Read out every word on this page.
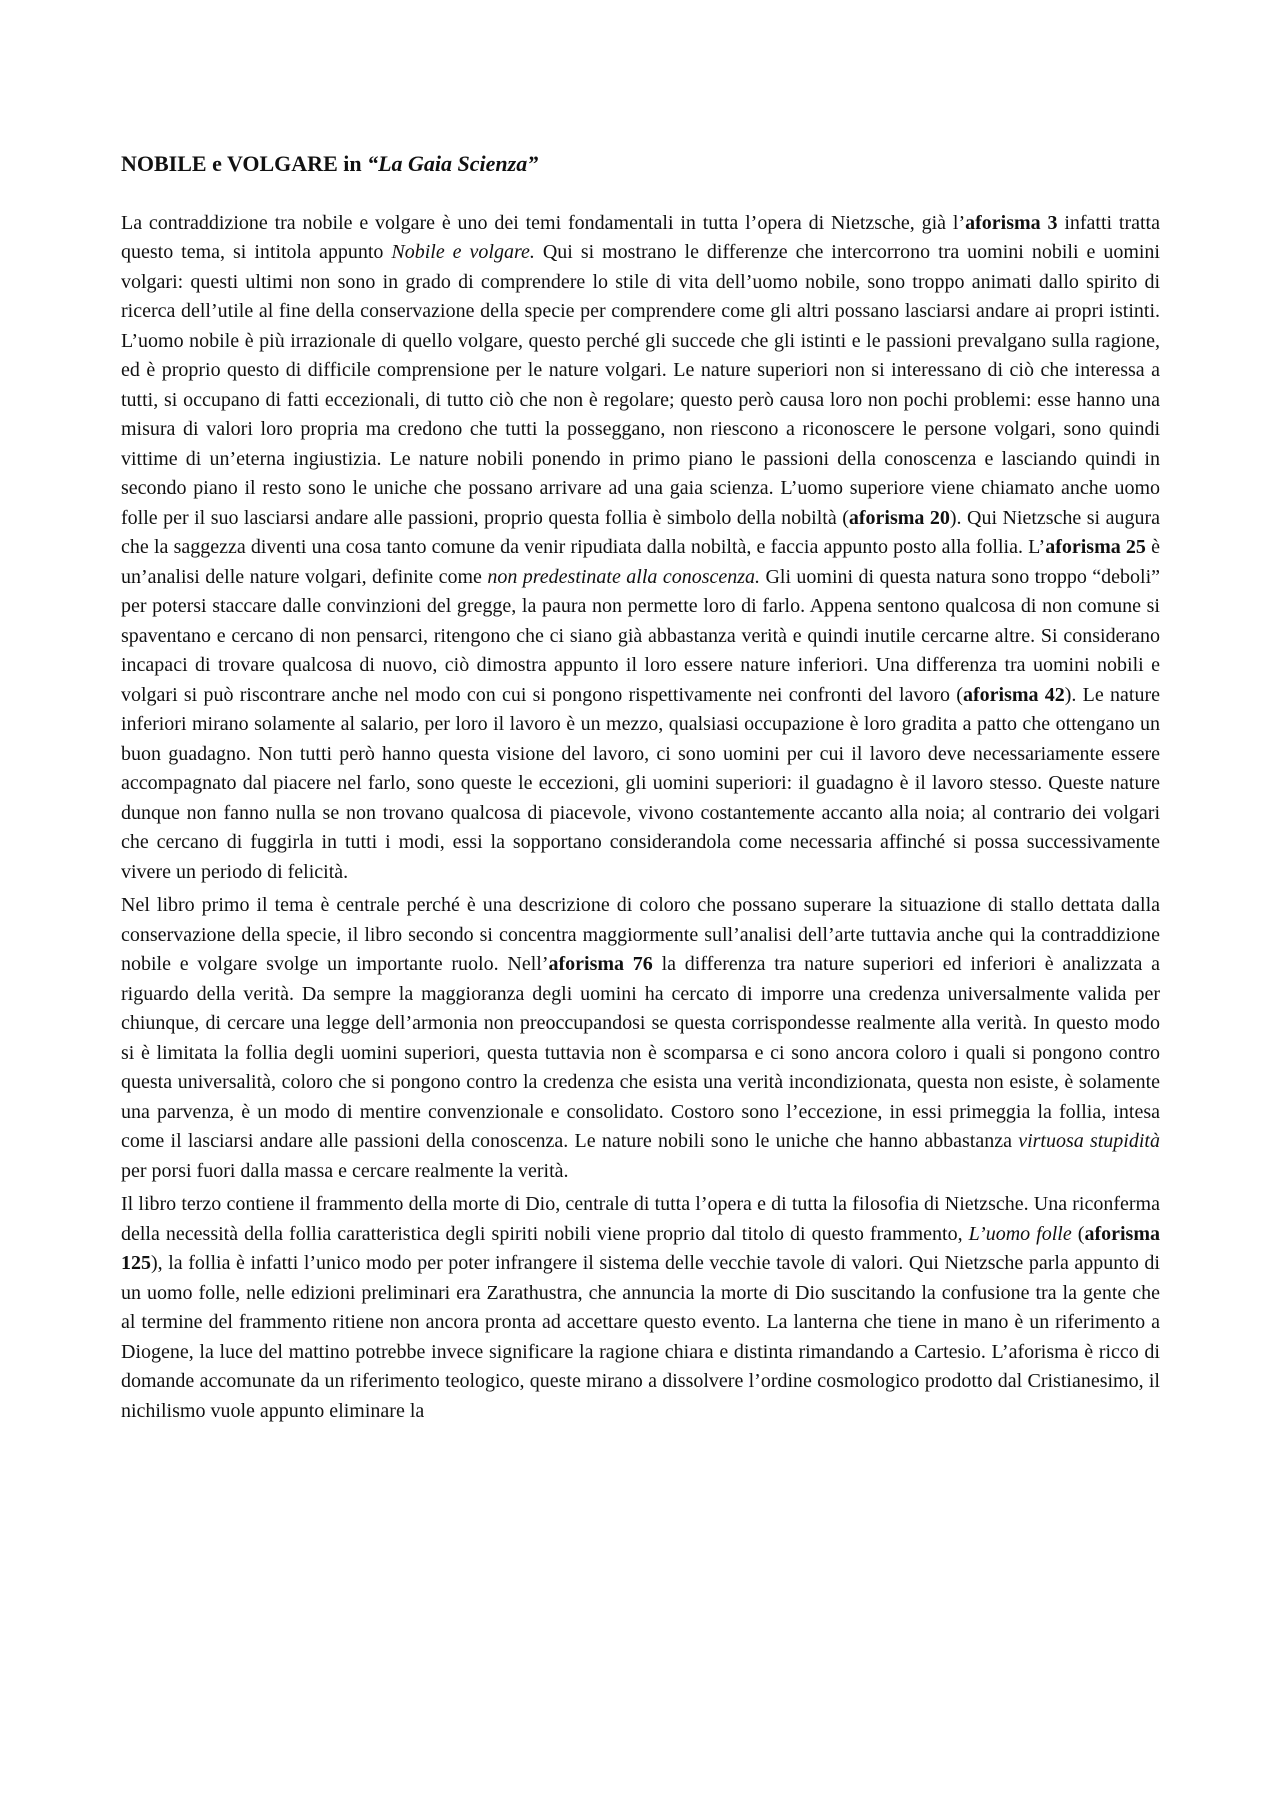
NOBILE e VOLGARE in “La Gaia Scienza”

La contraddizione tra nobile e volgare è uno dei temi fondamentali in tutta l’opera di Nietzsche, già l’aforisma 3 infatti tratta questo tema, si intitola appunto Nobile e volgare. Qui si mostrano le differenze che intercorrono tra uomini nobili e uomini volgari: questi ultimi non sono in grado di comprendere lo stile di vita dell’uomo nobile, sono troppo animati dallo spirito di ricerca dell’utile al fine della conservazione della specie per comprendere come gli altri possano lasciarsi andare ai propri istinti. L’uomo nobile è più irrazionale di quello volgare, questo perché gli succede che gli istinti e le passioni prevalgano sulla ragione, ed è proprio questo di difficile comprensione per le nature volgari. Le nature superiori non si interessano di ciò che interessa a tutti, si occupano di fatti eccezionali, di tutto ciò che non è regolare; questo però causa loro non pochi problemi: esse hanno una misura di valori loro propria ma credono che tutti la posseggano, non riescono a riconoscere le persone volgari, sono quindi vittime di un’eterna ingiustizia. Le nature nobili ponendo in primo piano le passioni della conoscenza e lasciando quindi in secondo piano il resto sono le uniche che possano arrivare ad una gaia scienza. L’uomo superiore viene chiamato anche uomo folle per il suo lasciarsi andare alle passioni, proprio questa follia è simbolo della nobiltà (aforisma 20). Qui Nietzsche si augura che la saggezza diventi una cosa tanto comune da venir ripudiata dalla nobiltà, e faccia appunto posto alla follia. L’aforisma 25 è un’analisi delle nature volgari, definite come non predestinate alla conoscenza. Gli uomini di questa natura sono troppo “deboli” per potersi staccare dalle convinzioni del gregge, la paura non permette loro di farlo. Appena sentono qualcosa di non comune si spaventano e cercano di non pensarci, ritengono che ci siano già abbastanza verità e quindi inutile cercarne altre. Si considerano incapaci di trovare qualcosa di nuovo, ciò dimostra appunto il loro essere nature inferiori. Una differenza tra uomini nobili e volgari si può riscontrare anche nel modo con cui si pongono rispettivamente nei confronti del lavoro (aforisma 42). Le nature inferiori mirano solamente al salario, per loro il lavoro è un mezzo, qualsiasi occupazione è loro gradita a patto che ottengano un buon guadagno. Non tutti però hanno questa visione del lavoro, ci sono uomini per cui il lavoro deve necessariamente essere accompagnato dal piacere nel farlo, sono queste le eccezioni, gli uomini superiori: il guadagno è il lavoro stesso. Queste nature dunque non fanno nulla se non trovano qualcosa di piacevole, vivono costantemente accanto alla noia; al contrario dei volgari che cercano di fuggirla in tutti i modi, essi la sopportano considerandola come necessaria affinché si possa successivamente vivere un periodo di felicità.

Nel libro primo il tema è centrale perché è una descrizione di coloro che possano superare la situazione di stallo dettata dalla conservazione della specie, il libro secondo si concentra maggiormente sull’analisi dell’arte tuttavia anche qui la contraddizione nobile e volgare svolge un importante ruolo. Nell’aforisma 76 la differenza tra nature superiori ed inferiori è analizzata a riguardo della verità. Da sempre la maggioranza degli uomini ha cercato di imporre una credenza universalmente valida per chiunque, di cercare una legge dell’armonia non preoccupandosi se questa corrispondesse realmente alla verità. In questo modo si è limitata la follia degli uomini superiori, questa tuttavia non è scomparsa e ci sono ancora coloro i quali si pongono contro questa universalità, coloro che si pongono contro la credenza che esista una verità incondizionata, questa non esiste, è solamente una parvenza, è un modo di mentire convenzionale e consolidato. Costoro sono l’eccezione, in essi primeggia la follia, intesa come il lasciarsi andare alle passioni della conoscenza. Le nature nobili sono le uniche che hanno abbastanza virtuosa stupidità per porsi fuori dalla massa e cercare realmente la verità.

Il libro terzo contiene il frammento della morte di Dio, centrale di tutta l’opera e di tutta la filosofia di Nietzsche. Una riconferma della necessità della follia caratteristica degli spiriti nobili viene proprio dal titolo di questo frammento, L’uomo folle (aforisma 125), la follia è infatti l’unico modo per poter infrangere il sistema delle vecchie tavole di valori. Qui Nietzsche parla appunto di un uomo folle, nelle edizioni preliminari era Zarathustra, che annuncia la morte di Dio suscitando la confusione tra la gente che al termine del frammento ritiene non ancora pronta ad accettare questo evento. La lanterna che tiene in mano è un riferimento a Diogene, la luce del mattino potrebbe invece significare la ragione chiara e distinta rimandando a Cartesio. L’aforisma è ricco di domande accomunate da un riferimento teologico, queste mirano a dissolvere l’ordine cosmologico prodotto dal Cristianesimo, il nichilismo vuole appunto eliminare la
